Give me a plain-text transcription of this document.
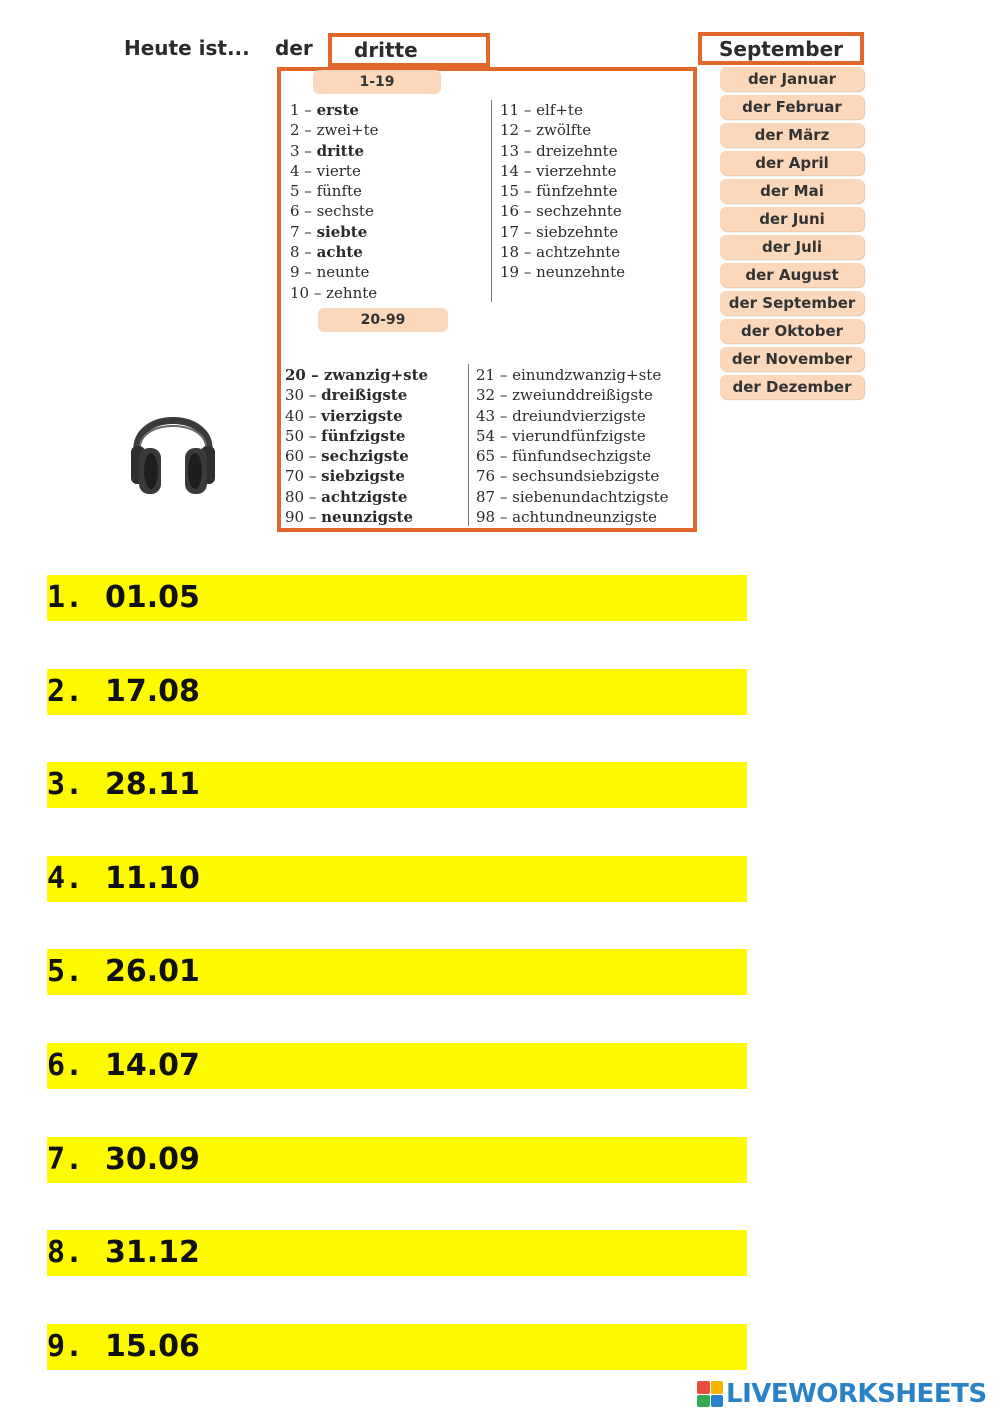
Heute ist... der	dritte	September
1-19
20-99
1 – erste
2 – zwei+te
3 – dritte
4 – vierte
5 – fünfte
6 – sechste
7 – siebte
8 – achte
9 – neunte
10 – zehnte
11 – elf+te
12 – zwölfte
13 – dreizehnte
14 – vierzehnte
15 – fünfzehnte
16 – sechzehnte
17 – siebzehnte
18 – achtzehnte
19 – neunzehnte
20 – zwanzig+ste
30 – dreißigste
40 – vierzigste
50 – fünfzigste
60 – sechzigste
70 – siebzigste
80 – achtzigste
90 – neunzigste
21 – einundzwanzig+ste
32 – zweiunddreißigste
43 – dreiundvierzigste
54 – vierundfünfzigste
65 – fünfundsechzigste
76 – sechsundsiebzigste
87 – siebenundachtzigste
98 – achtundneunzigste
der Januar
der Februar
der März
der April
der Mai
der Juni
der Juli
der August
der September
der Oktober
der November
der Dezember
1. 01.05
2. 17.08
3. 28.11
4. 11.10
5. 26.01
6. 14.07
7. 30.09
8. 31.12
9. 15.06
LIVEWORKSHEETS
